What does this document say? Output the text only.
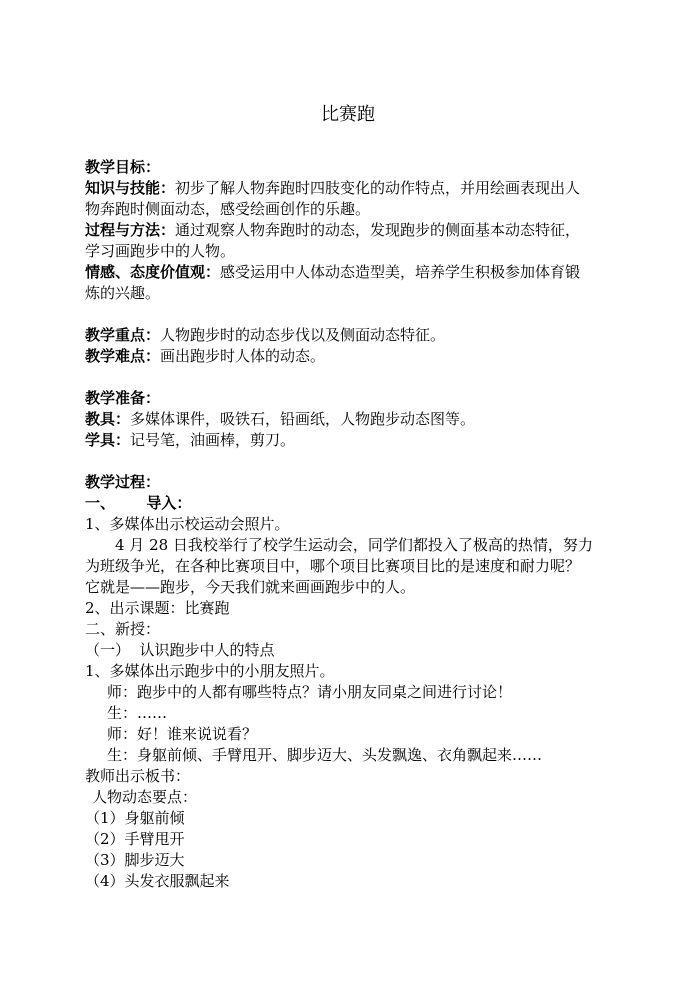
比赛跑
教学目标：
知识与技能：初步了解人物奔跑时四肢变化的动作特点，并用绘画表现出人
物奔跑时侧面动态，感受绘画创作的乐趣。
过程与方法：通过观察人物奔跑时的动态，发现跑步的侧面基本动态特征，
学习画跑步中的人物。
情感、态度价值观：感受运用中人体动态造型美，培养学生积极参加体育锻
炼的兴趣。
教学重点：人物跑步时的动态步伐以及侧面动态特征。
教学难点：画出跑步时人体的动态。
教学准备：
教具：多媒体课件，吸铁石，铅画纸，人物跑步动态图等。
学具：记号笔，油画棒，剪刀。
教学过程：
一、      导入：
1、多媒体出示校运动会照片。
4 月 28 日我校举行了校学生运动会，同学们都投入了极高的热情，努力
为班级争光，在各种比赛项目中，哪个项目比赛项目比的是速度和耐力呢？
它就是——跑步，今天我们就来画画跑步中的人。
2、出示课题：比赛跑
二、新授：
（一）  认识跑步中人的特点
1、多媒体出示跑步中的小朋友照片。
师：跑步中的人都有哪些特点？请小朋友同桌之间进行讨论！
生：……
师：好！谁来说说看？
生：身躯前倾、手臂甩开、脚步迈大、头发飘逸、衣角飘起来……
教师出示板书：
人物动态要点：
（1）身躯前倾
（2）手臂甩开
（3）脚步迈大
（4）头发衣服飘起来
